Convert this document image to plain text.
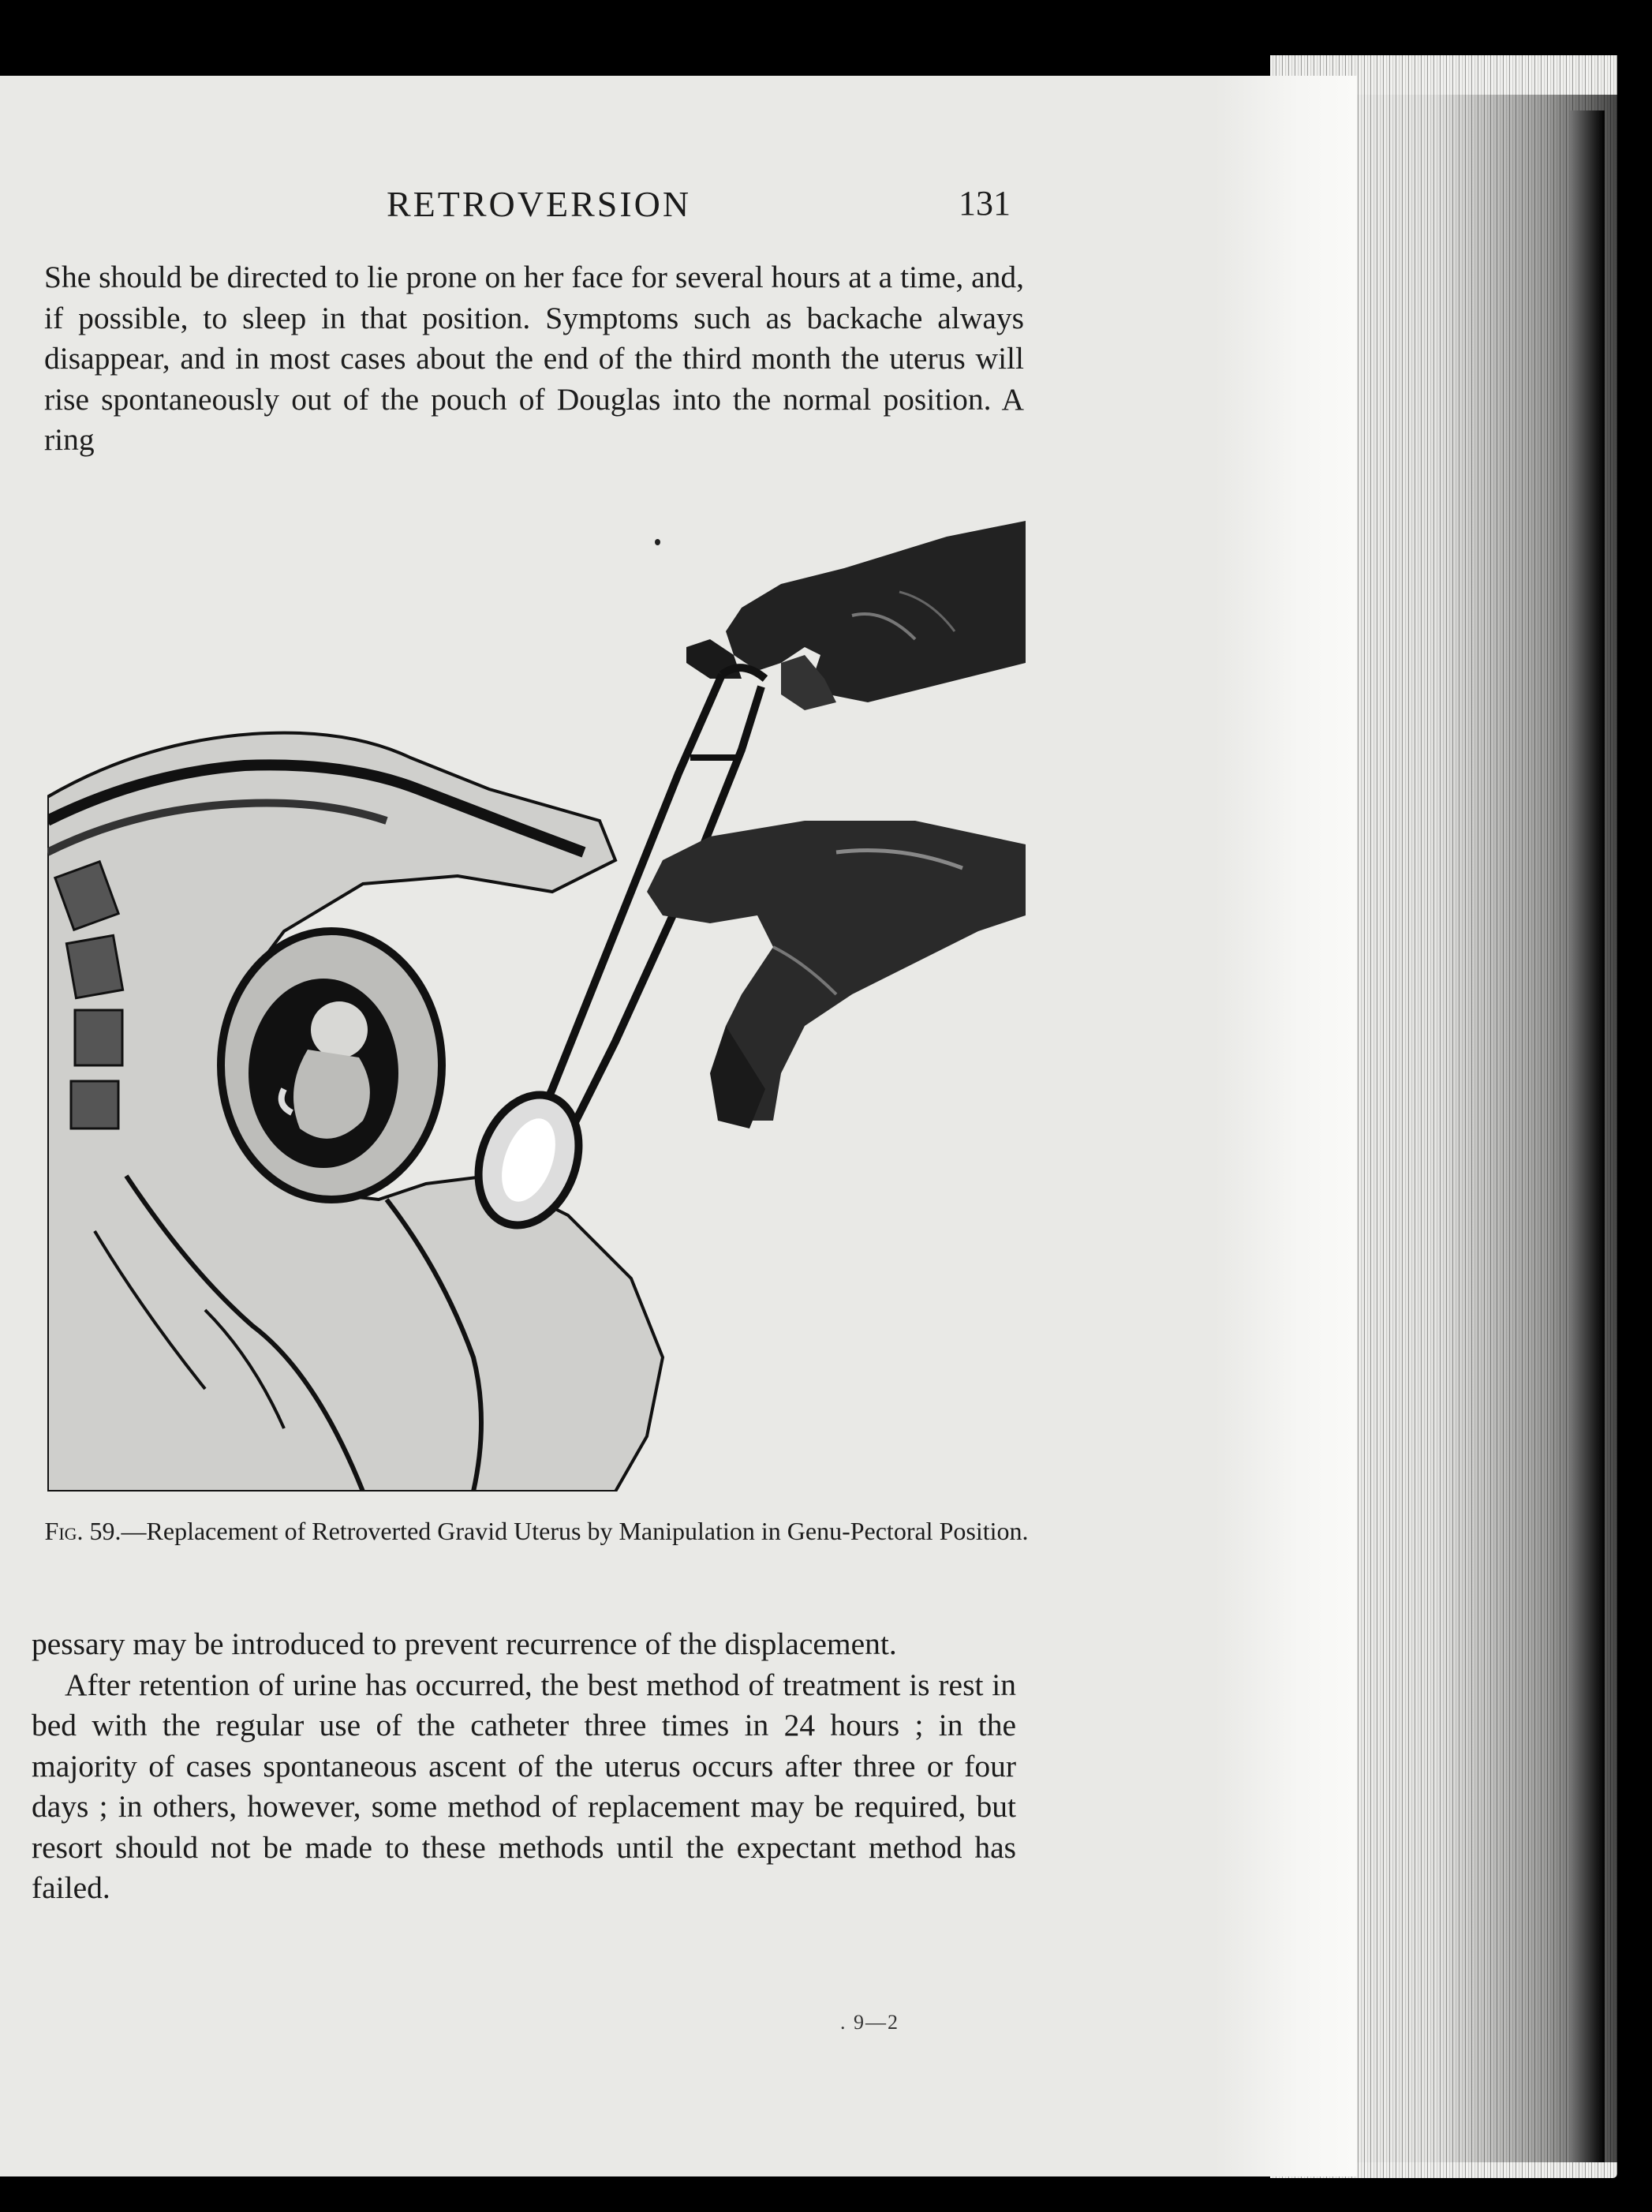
RETROVERSION	131

She should be directed to lie prone on her face for several hours at a time, and, if possible, to sleep in that position. Symptoms such as backache always disappear, and in most cases about the end of the third month the uterus will rise spontaneously out of the pouch of Douglas into the normal position. A ring

Fig. 59.—Replacement of Retroverted Gravid Uterus by Manipulation in Genu-Pectoral Position.

pessary may be introduced to prevent recurrence of the displacement.

After retention of urine has occurred, the best method of treatment is rest in bed with the regular use of the catheter three times in 24 hours ; in the majority of cases spontaneous ascent of the uterus occurs after three or four days ; in others, however, some method of replacement may be required, but resort should not be made to these methods until the expectant method has failed.

. 9—2
